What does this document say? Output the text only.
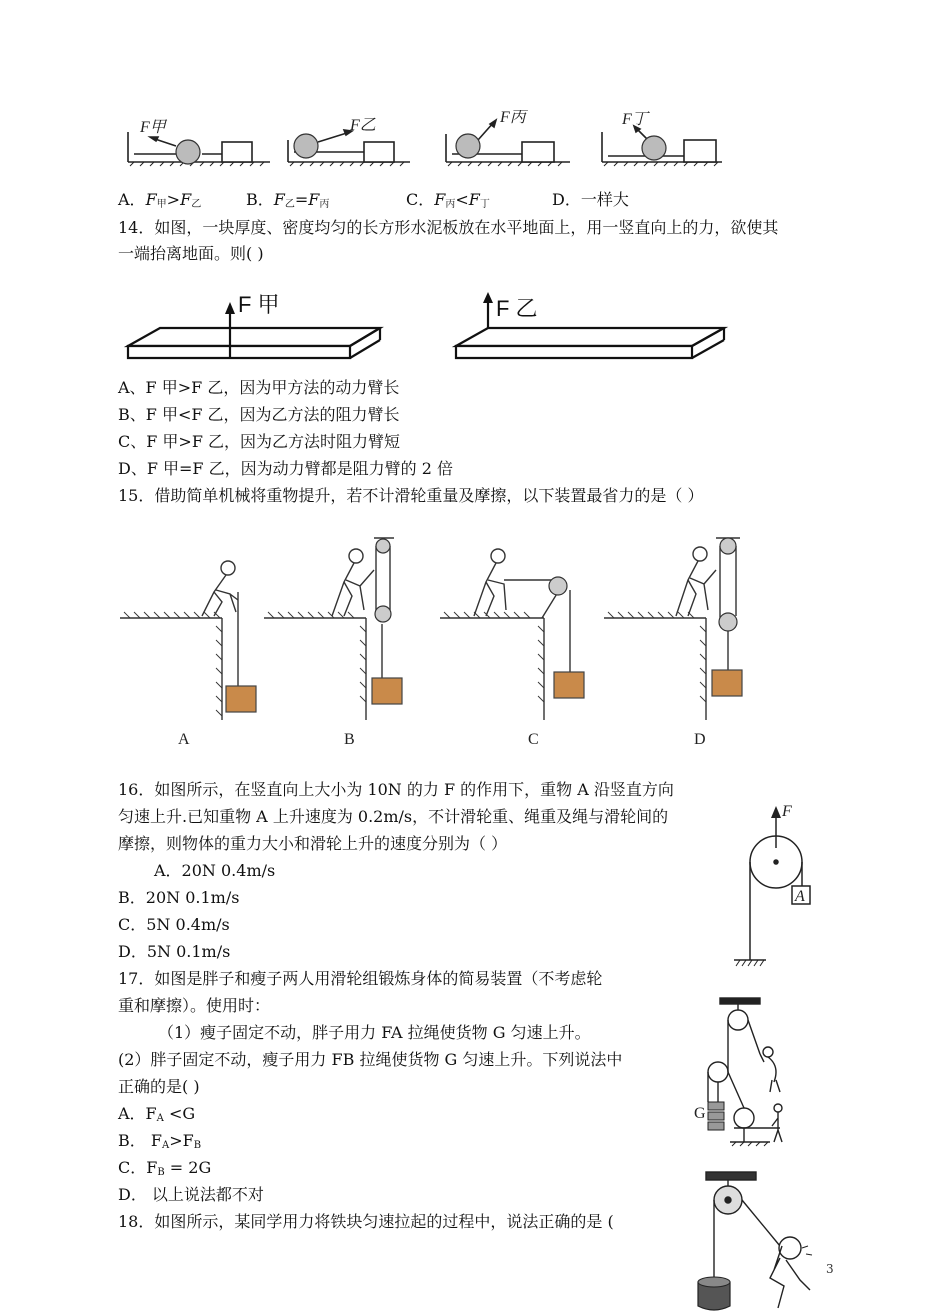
F甲	F乙	F丙	F丁
A．$F_甲>F_乙$	B．$F_乙=F_丙$	C．$F_丙<F_丁$	D．一样大
14．如图，一块厚度、密度均匀的长方形水泥板放在水平地面上，用一竖直向上的力，欲使其
一端抬离地面。则( )
F 甲	F 乙
A、F 甲>F 乙，因为甲方法的动力臂长
B、F 甲<F 乙，因为乙方法的阻力臂长
C、F 甲>F 乙，因为乙方法时阻力臂短
D、F 甲=F 乙，因为动力臂都是阻力臂的 2 倍
15．借助简单机械将重物提升，若不计滑轮重量及摩擦，以下装置最省力的是（ ）
A	B	C	D
16．如图所示，在竖直向上大小为 10N 的力 F 的作用下，重物 A 沿竖直方向
匀速上升.已知重物 A 上升速度为 0.2m/s，不计滑轮重、绳重及绳与滑轮间的
摩擦，则物体的重力大小和滑轮上升的速度分别为（ ）
A．20N 0.4m/s
B．20N 0.1m/s
C．5N 0.4m/s
D．5N 0.1m/s
F
A
17．如图是胖子和瘦子两人用滑轮组锻炼身体的简易装置（不考虑轮
重和摩擦）。使用时：
（1）瘦子固定不动，胖子用力 FA 拉绳使货物 G 匀速上升。
(2）胖子固定不动，瘦子用力 FB 拉绳使货物 G 匀速上升。下列说法中
正确的是( )
A．$F_A <G$
B． $F_A>F_B$
C．$F_B = 2G$
D． 以上说法都不对
G
18．如图所示，某同学用力将铁块匀速拉起的过程中，说法正确的是 (
3
